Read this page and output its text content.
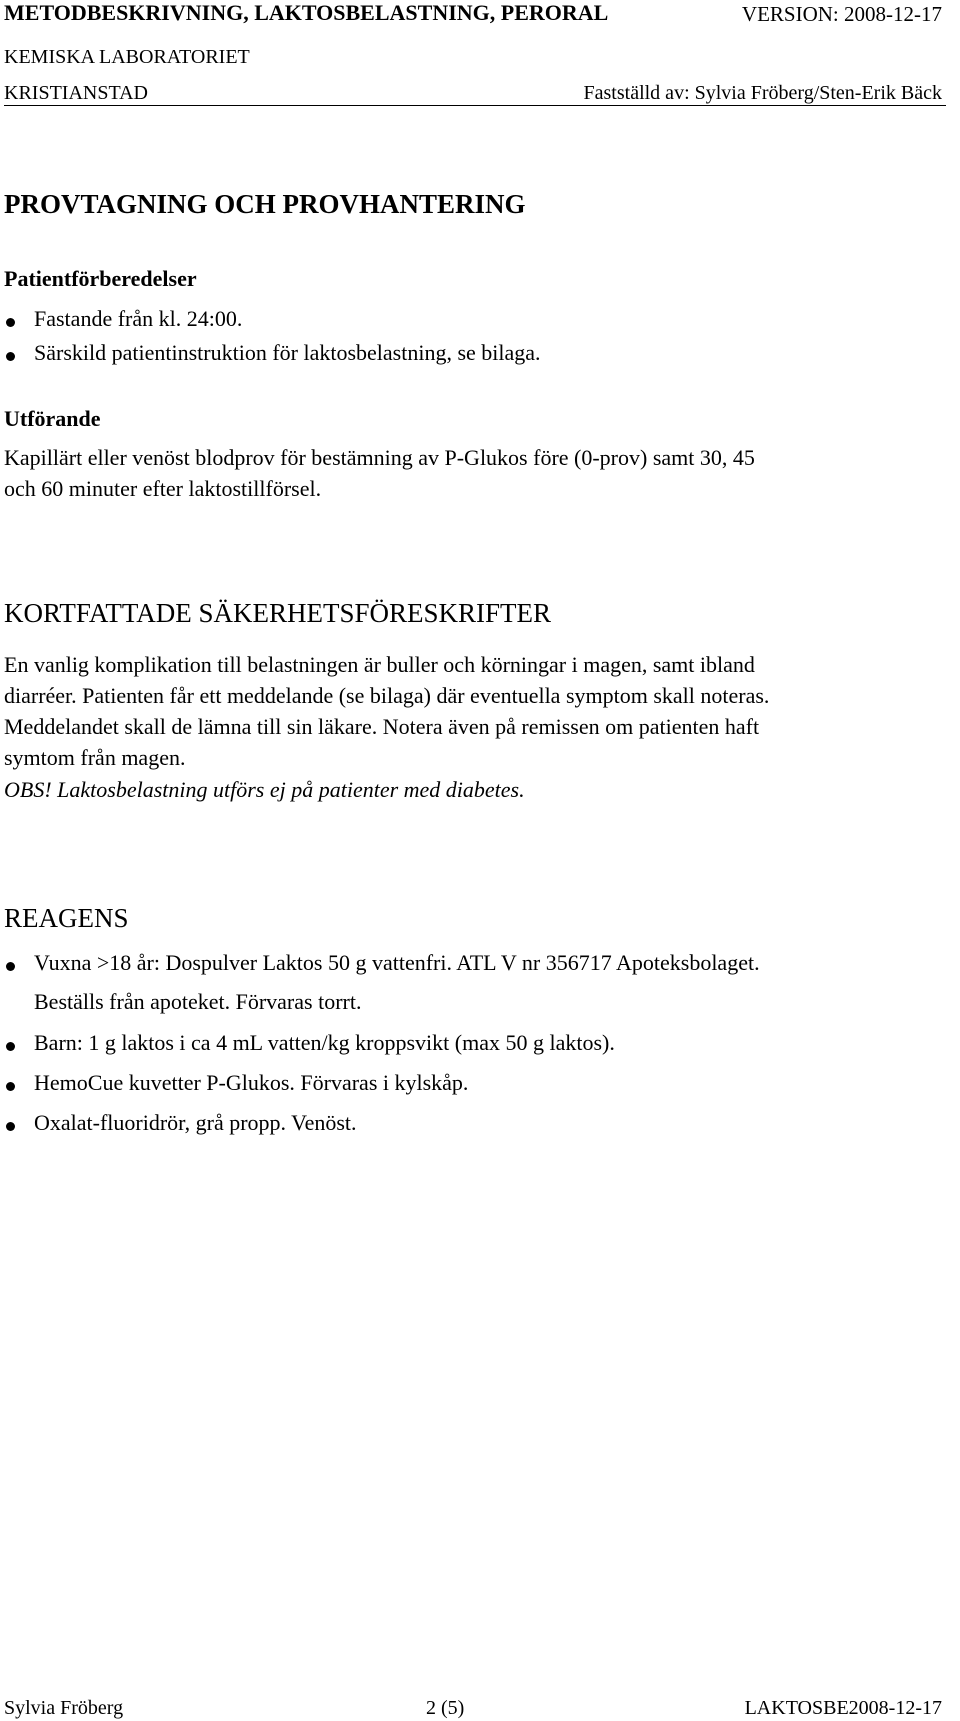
METODBESKRIVNING, LAKTOSBELASTNING, PERORAL	VERSION: 2008-12-17
KEMISKA LABORATORIET
KRISTIANSTAD	Fastställd av: Sylvia Fröberg/Sten-Erik Bäck
PROVTAGNING OCH PROVHANTERING
Patientförberedelser
Fastande från kl. 24:00.
Särskild patientinstruktion för laktosbelastning, se bilaga.
Utförande
Kapillärt eller venöst blodprov för bestämning av P-Glukos före (0-prov) samt 30, 45
och 60 minuter efter laktostillförsel.
KORTFATTADE SÄKERHETSFÖRESKRIFTER
En vanlig komplikation till belastningen är buller och körningar i magen, samt ibland
diarréer. Patienten får ett meddelande (se bilaga) där eventuella symptom skall noteras.
Meddelandet skall de lämna till sin läkare. Notera även på remissen om patienten haft
symtom från magen.
OBS! Laktosbelastning utförs ej på patienter med diabetes.
REAGENS
Vuxna >18 år: Dospulver Laktos 50 g vattenfri. ATL V nr 356717 Apoteksbolaget.
Beställs från apoteket. Förvaras torrt.
Barn: 1 g laktos i ca 4 mL vatten/kg kroppsvikt (max 50 g laktos).
HemoCue kuvetter P-Glukos. Förvaras i kylskåp.
Oxalat-fluoridrör, grå propp. Venöst.
Sylvia Fröberg	2 (5)	LAKTOSBE2008-12-17
